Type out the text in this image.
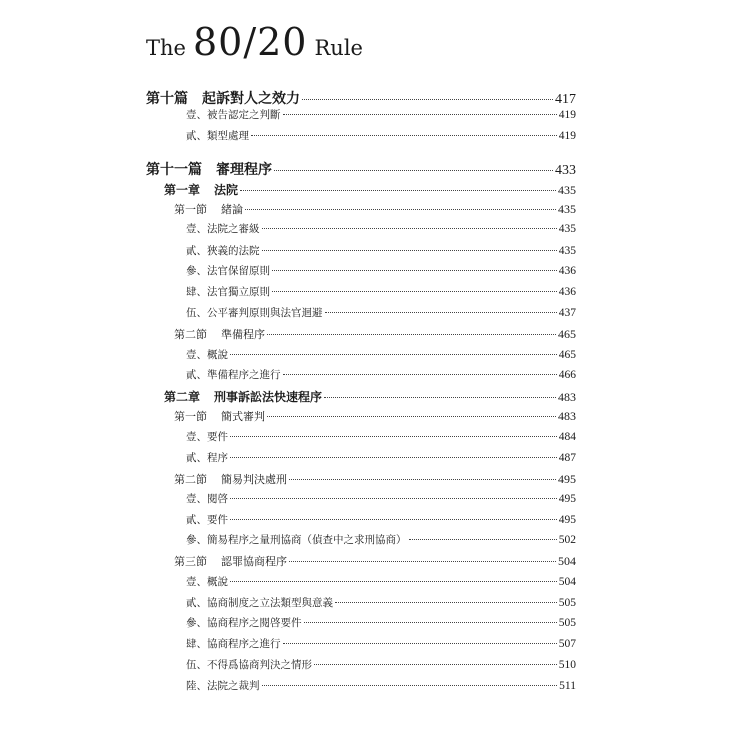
The 80/20 Rule
第十篇 起訴對人之效力	417
壹、被告認定之判斷	419
貳、類型處理	419
第十一篇 審理程序	433
第一章 法院	435
第一節 緒論	435
壹、法院之審級	435
貳、狹義的法院	435
參、法官保留原則	436
肆、法官獨立原則	436
伍、公平審判原則與法官迴避	437
第二節 準備程序	465
壹、概說	465
貳、準備程序之進行	466
第二章 刑事訴訟法快速程序	483
第一節 簡式審判	483
壹、要件	484
貳、程序	487
第二節 簡易判決處刑	495
壹、閱啓	495
貳、要件	495
參、簡易程序之量刑協商（偵查中之求刑協商）	502
第三節 認罪協商程序	504
壹、概說	504
貳、協商制度之立法類型與意義	505
參、協商程序之閱啓要件	505
肆、協商程序之進行	507
伍、不得爲協商判決之情形	510
陸、法院之裁判	511
